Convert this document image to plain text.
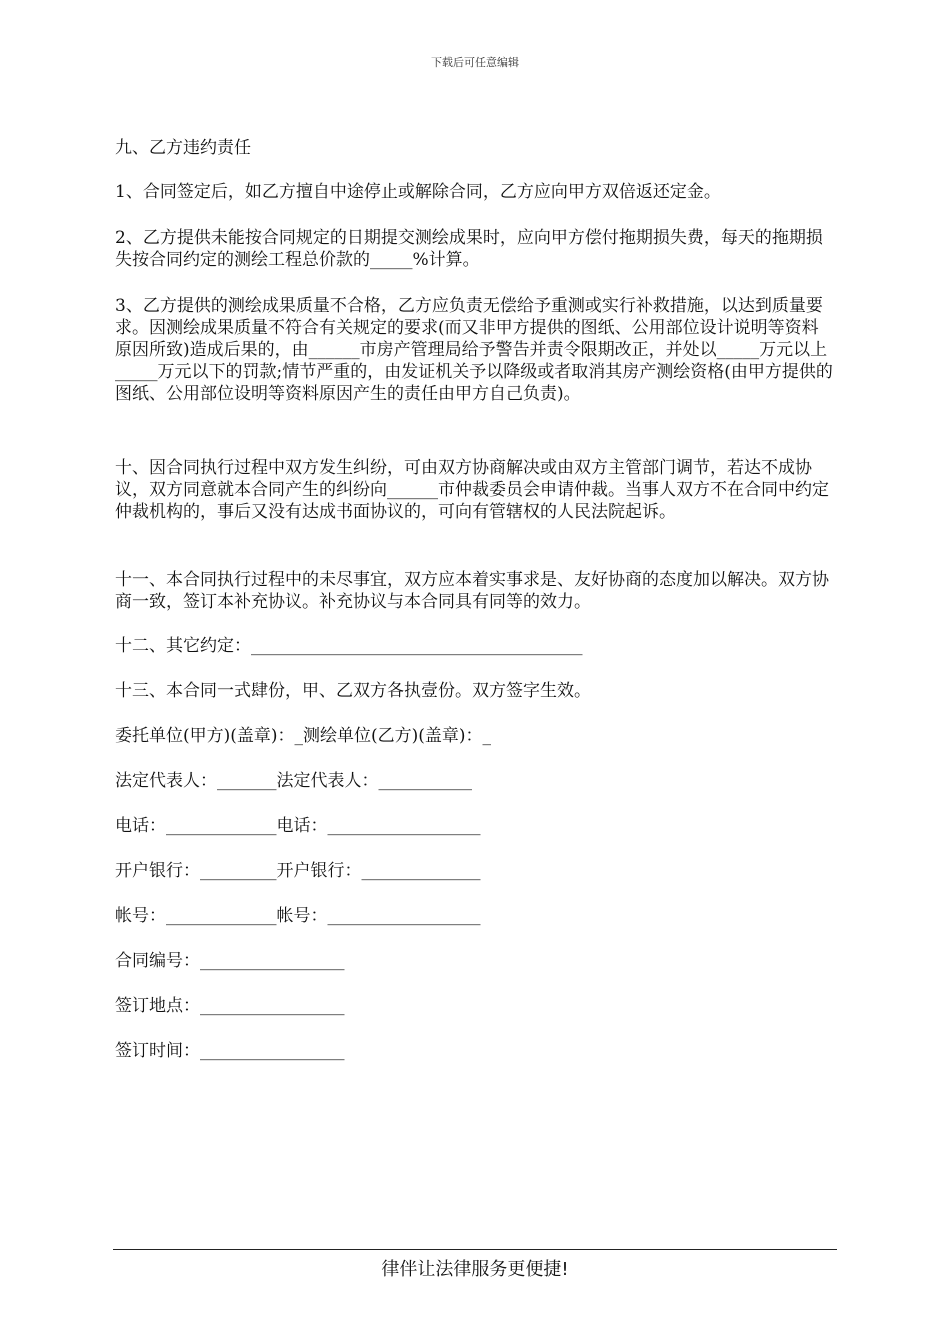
下载后可任意编辑

九、乙方违约责任

1、合同签定后，如乙方擅自中途停止或解除合同，乙方应向甲方双倍返还定金。

2、乙方提供未能按合同规定的日期提交测绘成果时，应向甲方偿付拖期损失费，每天的拖期损失按合同约定的测绘工程总价款的_____%计算。

3、乙方提供的测绘成果质量不合格，乙方应负责无偿给予重测或实行补救措施，以达到质量要求。因测绘成果质量不符合有关规定的要求(而又非甲方提供的图纸、公用部位设计说明等资料原因所致)造成后果的，由______市房产管理局给予警告并责令限期改正，并处以_____万元以上_____万元以下的罚款;情节严重的，由发证机关予以降级或者取消其房产测绘资格(由甲方提供的图纸、公用部位设明等资料原因产生的责任由甲方自己负责)。

十、因合同执行过程中双方发生纠纷，可由双方协商解决或由双方主管部门调节，若达不成协议，双方同意就本合同产生的纠纷向______市仲裁委员会申请仲裁。当事人双方不在合同中约定仲裁机构的，事后又没有达成书面协议的，可向有管辖权的人民法院起诉。

十一、本合同执行过程中的未尽事宜，双方应本着实事求是、友好协商的态度加以解决。双方协商一致，签订本补充协议。补充协议与本合同具有同等的效力。

十二、其它约定：_______________________________________

十三、本合同一式肆份，甲、乙双方各执壹份。双方签字生效。

委托单位(甲方)(盖章)：_测绘单位(乙方)(盖章)：_

法定代表人：_______法定代表人：___________

电话：_____________电话：__________________

开户银行：_________开户银行：______________

帐号：_____________帐号：__________________

合同编号：_________________

签订地点：_________________

签订时间：_________________

律伴让法律服务更便捷!
